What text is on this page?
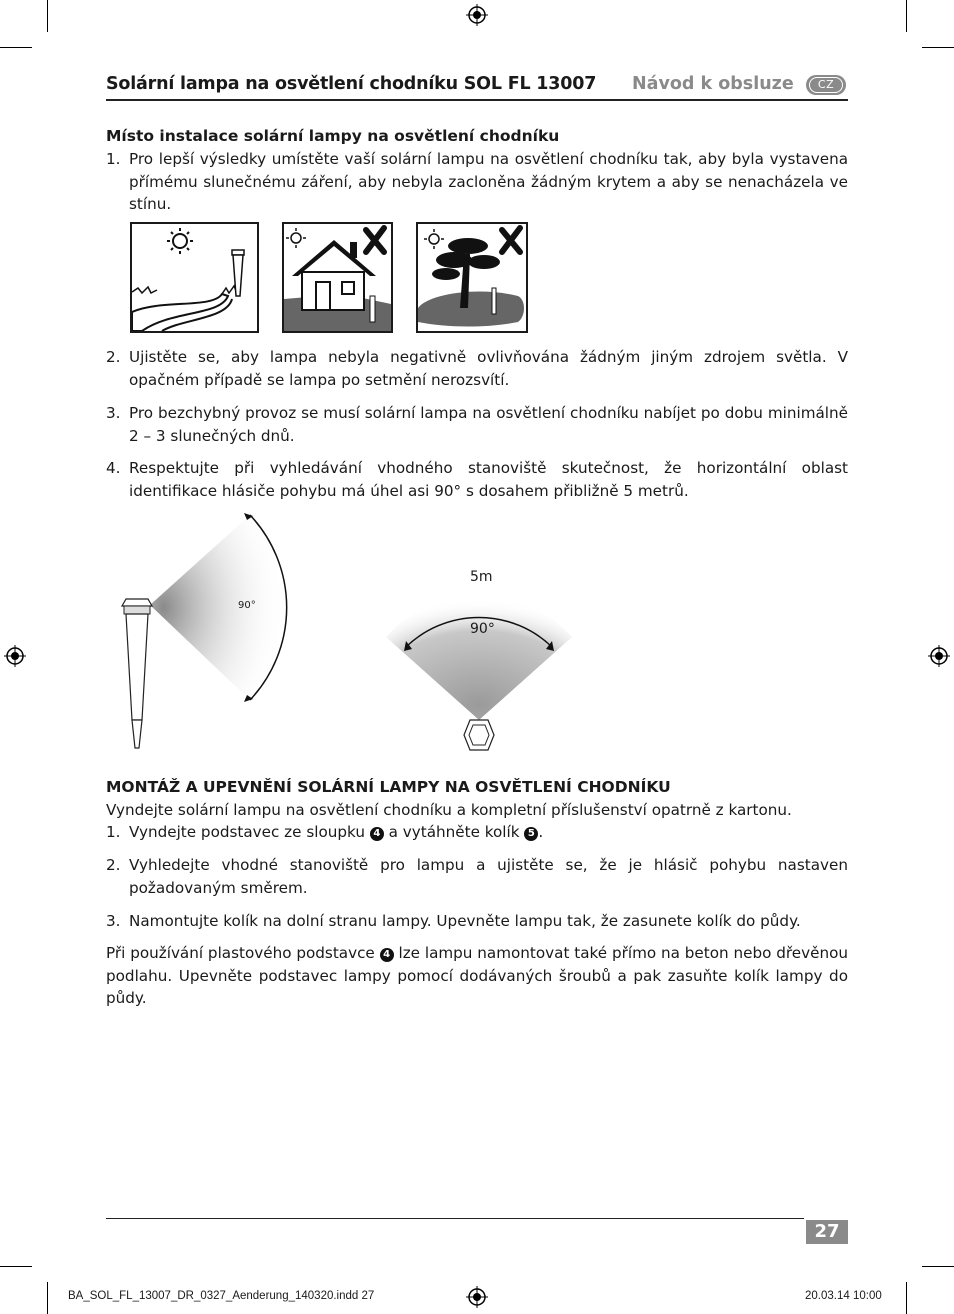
Solární lampa na osvětlení chodníku SOL FL 13007 Návod k obsluze	CZ
Místo instalace solární lampy na osvětlení chodníku
1. Pro lepší výsledky umístěte vaší solární lampu na osvětlení chodníku tak, aby byla vystavena přímému slunečnému záření, aby nebyla zacloněna žádným krytem a aby se nenacházela ve stínu.
2. Ujistěte se, aby lampa nebyla negativně ovlivňována žádným jiným zdrojem světla. V opačném případě se lampa po setmění nerozsvítí.
3. Pro bezchybný provoz se musí solární lampa na osvětlení chodníku nabíjet po dobu minimálně 2 – 3 slunečných dnů.
4. Respektujte při vyhledávání vhodného stanoviště skutečnost, že horizontální oblast identifikace hlásiče pohybu má úhel asi 90° s dosahem přibližně 5 metrů.
90°
5m
90°
MONTÁŽ A UPEVNĚNÍ SOLÁRNÍ LAMPY NA OSVĚTLENÍ CHODNÍKU
Vyndejte solární lampu na osvětlení chodníku a kompletní příslušenství opatrně z kartonu.
1. Vyndejte podstavec ze sloupku 4 a vytáhněte kolík 5 .
2. Vyhledejte vhodné stanoviště pro lampu a ujistěte se, že je hlásič pohybu nastaven požadovaným směrem.
3. Namontujte kolík na dolní stranu lampy. Upevněte lampu tak, že zasunete kolík do půdy.
Při používání plastového podstavce 4 lze lampu namontovat také přímo na beton nebo dřevěnou podlahu. Upevněte podstavec lampy pomocí dodávaných šroubů a pak zasuňte kolík lampy do půdy.
27
BA_SOL_FL_13007_DR_0327_Aenderung_140320.indd 27	20.03.14 10:00
